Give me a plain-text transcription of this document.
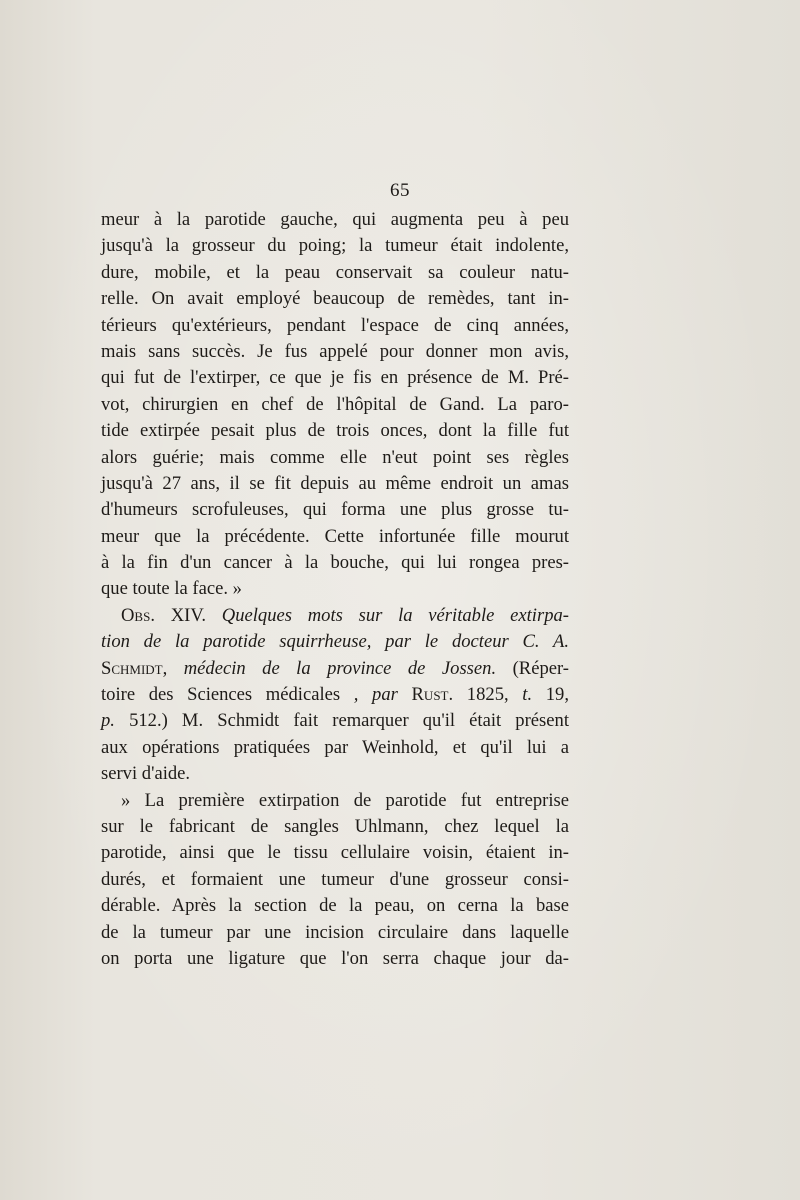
65
meur à la parotide gauche, qui augmenta peu à peu
jusqu'à la grosseur du poing; la tumeur était indolente,
dure, mobile, et la peau conservait sa couleur natu-
relle. On avait employé beaucoup de remèdes, tant in-
térieurs qu'extérieurs, pendant l'espace de cinq années,
mais sans succès. Je fus appelé pour donner mon avis,
qui fut de l'extirper, ce que je fis en présence de M. Pré-
vot, chirurgien en chef de l'hôpital de Gand. La paro-
tide extirpée pesait plus de trois onces, dont la fille fut
alors guérie; mais comme elle n'eut point ses règles
jusqu'à 27 ans, il se fit depuis au même endroit un amas
d'humeurs scrofuleuses, qui forma une plus grosse tu-
meur que la précédente. Cette infortunée fille mourut
à la fin d'un cancer à la bouche, qui lui rongea pres-
que toute la face. »
Obs. XIV. Quelques mots sur la véritable extirpa-
tion de la parotide squirrheuse, par le docteur C. A.
Schmidt, médecin de la province de Jossen. (Réper-
toire des Sciences médicales , par Rust. 1825, t. 19,
p. 512.) M. Schmidt fait remarquer qu'il était présent
aux opérations pratiquées par Weinhold, et qu'il lui a
servi d'aide.
» La première extirpation de parotide fut entreprise
sur le fabricant de sangles Uhlmann, chez lequel la
parotide, ainsi que le tissu cellulaire voisin, étaient in-
durés, et formaient une tumeur d'une grosseur consi-
dérable. Après la section de la peau, on cerna la base
de la tumeur par une incision circulaire dans laquelle
on porta une ligature que l'on serra chaque jour da-
